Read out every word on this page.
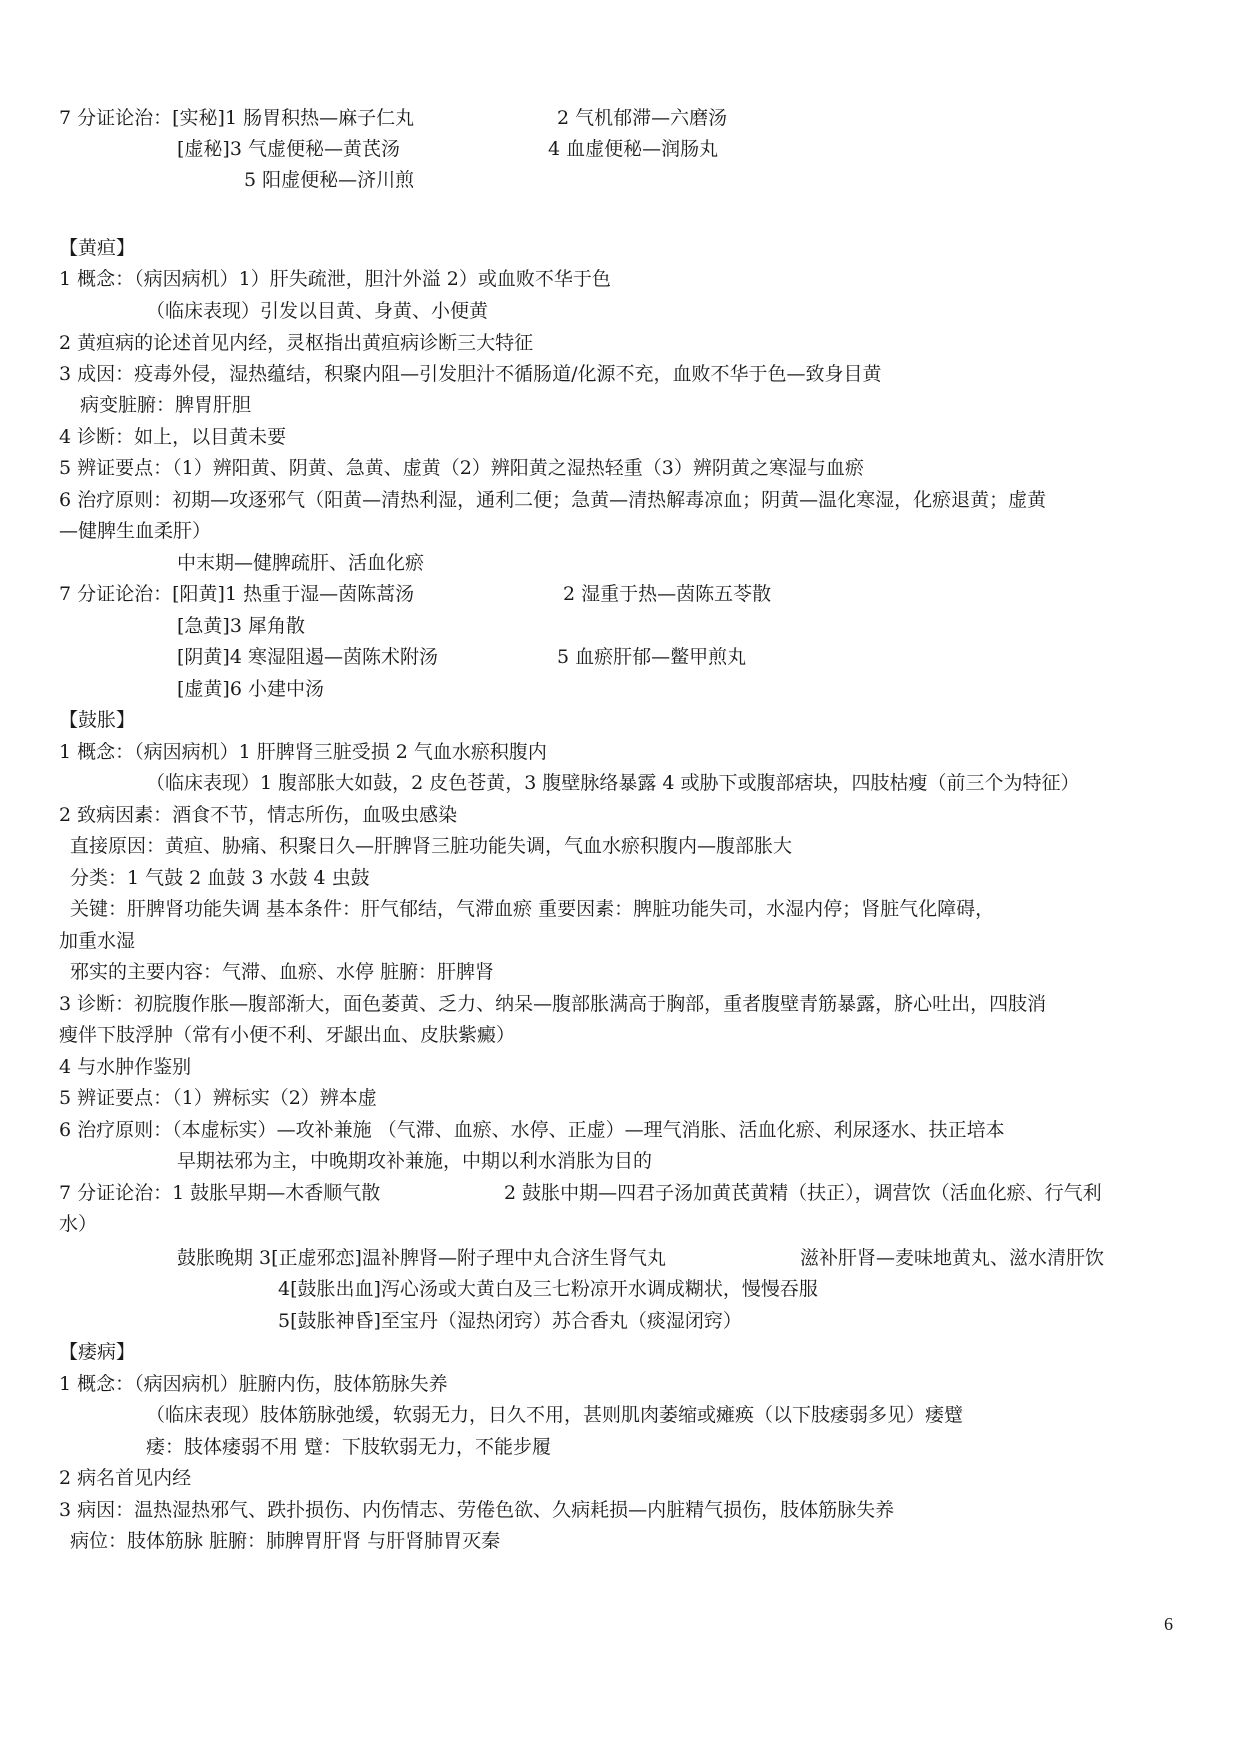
7 分证论治：[实秘]1 肠胃积热—麻子仁丸	2 气机郁滞—六磨汤
[虚秘]3 气虚便秘—黄芪汤	4 血虚便秘—润肠丸
5 阳虚便秘—济川煎
【黄疸】
1 概念：（病因病机）1）肝失疏泄，胆汁外溢 2）或血败不华于色
（临床表现）引发以目黄、身黄、小便黄
2 黄疸病的论述首见内经，灵枢指出黄疸病诊断三大特征
3 成因：疫毒外侵，湿热蕴结，积聚内阻—引发胆汁不循肠道/化源不充，血败不华于色—致身目黄
病变脏腑：脾胃肝胆
4 诊断：如上，以目黄未要
5 辨证要点：（1）辨阳黄、阴黄、急黄、虚黄（2）辨阳黄之湿热轻重（3）辨阴黄之寒湿与血瘀
6 治疗原则：初期—攻逐邪气（阳黄—清热利湿，通利二便；急黄—清热解毒凉血；阴黄—温化寒湿，化瘀退黄；虚黄
—健脾生血柔肝）
中末期—健脾疏肝、活血化瘀
7 分证论治：[阳黄]1 热重于湿—茵陈蒿汤	2 湿重于热—茵陈五苓散
[急黄]3 犀角散
[阴黄]4 寒湿阻遏—茵陈术附汤	5 血瘀肝郁—鳖甲煎丸
[虚黄]6 小建中汤
【鼓胀】
1 概念：（病因病机）1 肝脾肾三脏受损 2 气血水瘀积腹内
（临床表现）1 腹部胀大如鼓，2 皮色苍黄，3 腹壁脉络暴露 4 或胁下或腹部痞块，四肢枯瘦（前三个为特征）
2 致病因素：酒食不节，情志所伤，血吸虫感染
直接原因：黄疸、胁痛、积聚日久—肝脾肾三脏功能失调，气血水瘀积腹内—腹部胀大
分类：1 气鼓 2 血鼓 3 水鼓 4 虫鼓
关键：肝脾肾功能失调 基本条件：肝气郁结，气滞血瘀 重要因素：脾脏功能失司，水湿内停；肾脏气化障碍，
加重水湿
邪实的主要内容：气滞、血瘀、水停 脏腑：肝脾肾
3 诊断：初脘腹作胀—腹部渐大，面色萎黄、乏力、纳呆—腹部胀满高于胸部，重者腹壁青筋暴露，脐心吐出，四肢消
瘦伴下肢浮肿（常有小便不利、牙龈出血、皮肤紫癜）
4 与水肿作鉴别
5 辨证要点：（1）辨标实（2）辨本虚
6 治疗原则：（本虚标实）—攻补兼施 （气滞、血瘀、水停、正虚）—理气消胀、活血化瘀、利尿逐水、扶正培本
早期祛邪为主，中晚期攻补兼施，中期以利水消胀为目的
7 分证论治：1 鼓胀早期—木香顺气散	2 鼓胀中期—四君子汤加黄芪黄精（扶正），调营饮（活血化瘀、行气利
水）
鼓胀晚期 3[正虚邪恋]温补脾肾—附子理中丸合济生肾气丸	滋补肝肾—麦味地黄丸、滋水清肝饮
4[鼓胀出血]泻心汤或大黄白及三七粉凉开水调成糊状，慢慢吞服
5[鼓胀神昏]至宝丹（湿热闭窍）苏合香丸（痰湿闭窍）
【痿病】
1 概念：（病因病机）脏腑内伤，肢体筋脉失养
（临床表现）肢体筋脉弛缓，软弱无力，日久不用，甚则肌肉萎缩或瘫痪（以下肢痿弱多见）痿躄
痿：肢体痿弱不用 躄：下肢软弱无力，不能步履
2 病名首见内经
3 病因：温热湿热邪气、跌扑损伤、内伤情志、劳倦色欲、久病耗损—内脏精气损伤，肢体筋脉失养
病位：肢体筋脉 脏腑：肺脾胃肝肾 与肝肾肺胃灭秦
6
